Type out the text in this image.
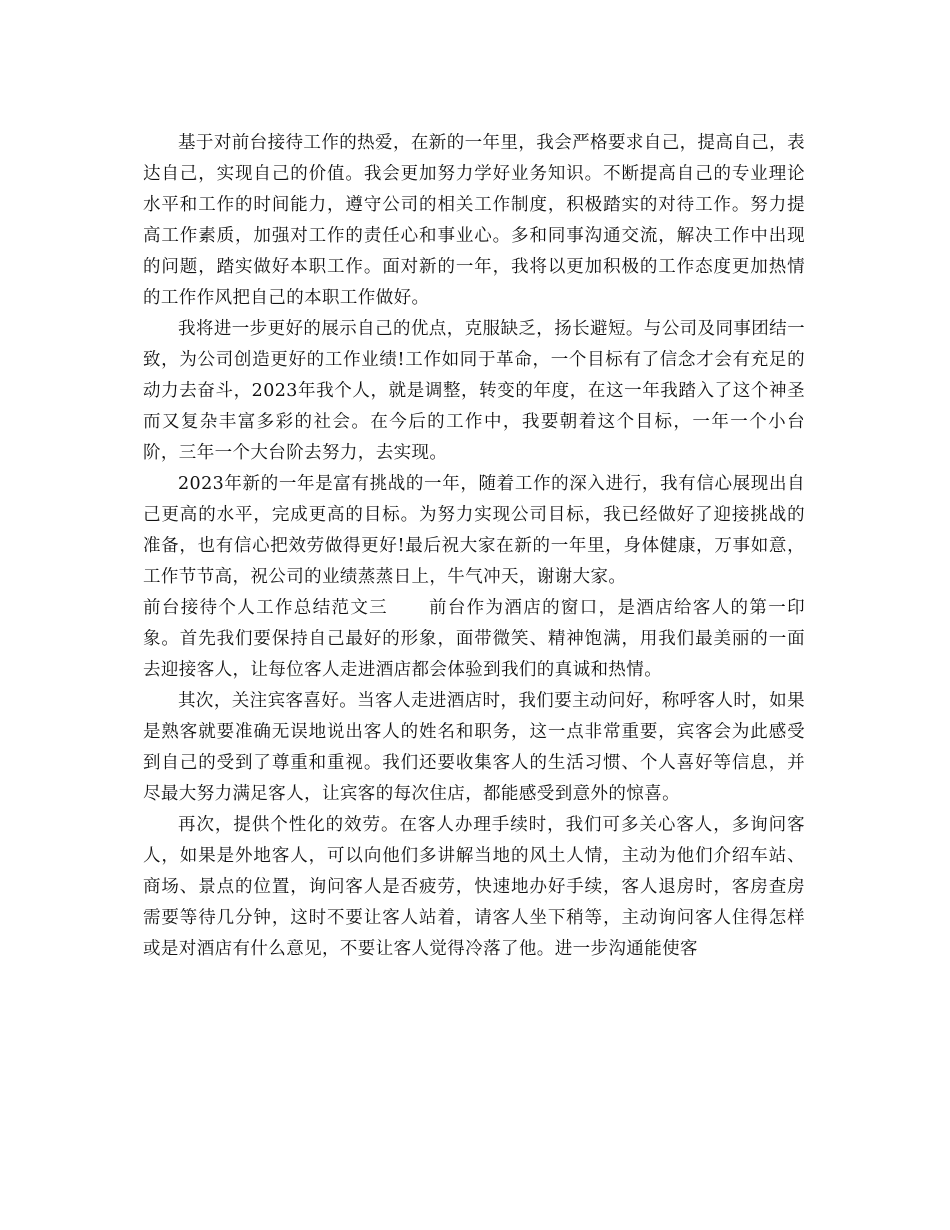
基于对前台接待工作的热爱，在新的一年里，我会严格要求自己，提高自己，表达自己，实现自己的价值。我会更加努力学好业务知识。不断提高自己的专业理论水平和工作的时间能力，遵守公司的相关工作制度，积极踏实的对待工作。努力提高工作素质，加强对工作的责任心和事业心。多和同事沟通交流，解决工作中出现的问题，踏实做好本职工作。面对新的一年，我将以更加积极的工作态度更加热情的工作作风把自己的本职工作做好。

我将进一步更好的展示自己的优点，克服缺乏，扬长避短。与公司及同事团结一致，为公司创造更好的工作业绩!工作如同于革命，一个目标有了信念才会有充足的动力去奋斗，2023年我个人，就是调整，转变的年度，在这一年我踏入了这个神圣而又复杂丰富多彩的社会。在今后的工作中，我要朝着这个目标，一年一个小台阶，三年一个大台阶去努力，去实现。

2023年新的一年是富有挑战的一年，随着工作的深入进行，我有信心展现出自己更高的水平，完成更高的目标。为努力实现公司目标，我已经做好了迎接挑战的准备，也有信心把效劳做得更好!最后祝大家在新的一年里，身体健康，万事如意，工作节节高，祝公司的业绩蒸蒸日上，牛气冲天，谢谢大家。

前台接待个人工作总结范文三 前台作为酒店的窗口，是酒店给客人的第一印象。首先我们要保持自己最好的形象，面带微笑、精神饱满，用我们最美丽的一面去迎接客人，让每位客人走进酒店都会体验到我们的真诚和热情。

其次，关注宾客喜好。当客人走进酒店时，我们要主动问好，称呼客人时，如果是熟客就要准确无误地说出客人的姓名和职务，这一点非常重要，宾客会为此感受到自己的受到了尊重和重视。我们还要收集客人的生活习惯、个人喜好等信息，并尽最大努力满足客人，让宾客的每次住店，都能感受到意外的惊喜。

再次，提供个性化的效劳。在客人办理手续时，我们可多关心客人，多询问客人，如果是外地客人，可以向他们多讲解当地的风土人情，主动为他们介绍车站、商场、景点的位置，询问客人是否疲劳，快速地办好手续，客人退房时，客房查房需要等待几分钟，这时不要让客人站着，请客人坐下稍等，主动询问客人住得怎样或是对酒店有什么意见，不要让客人觉得冷落了他。进一步沟通能使客
